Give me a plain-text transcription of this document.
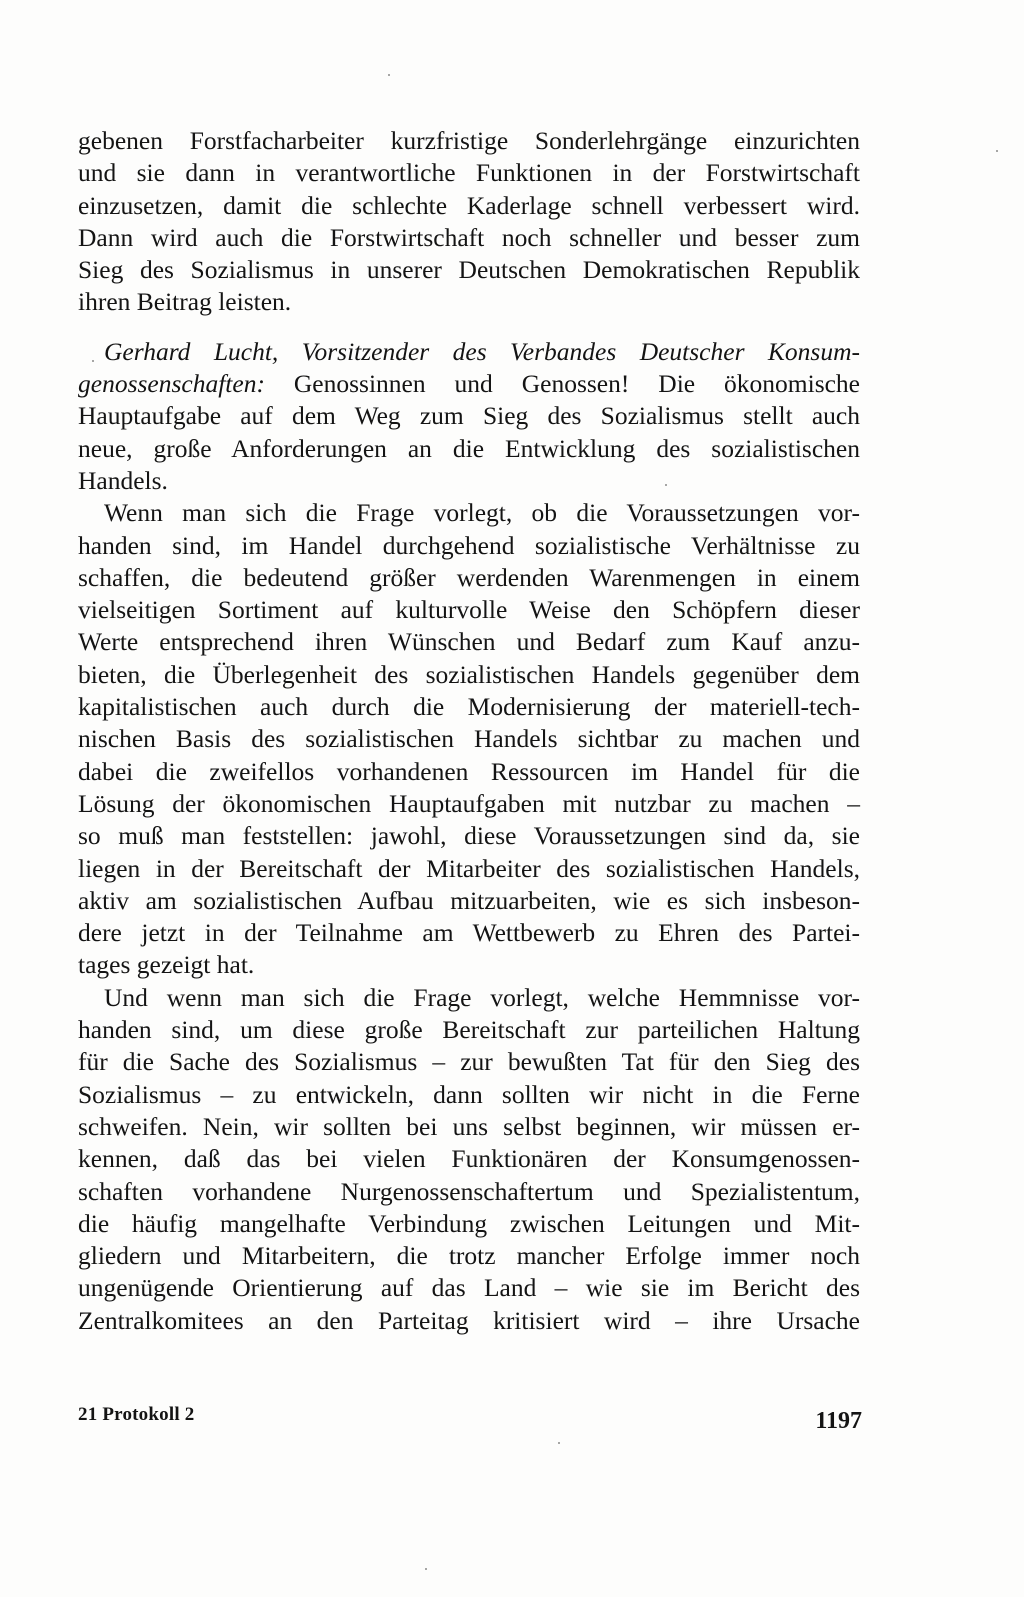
gebenen Forstfacharbeiter kurzfristige Sonderlehrgänge einzurichten
und sie dann in verantwortliche Funktionen in der Forstwirtschaft
einzusetzen, damit die schlechte Kaderlage schnell verbessert wird.
Dann wird auch die Forstwirtschaft noch schneller und besser zum
Sieg des Sozialismus in unserer Deutschen Demokratischen Republik
ihren Beitrag leisten.
Gerhard Lucht, Vorsitzender des Verbandes Deutscher Konsum-
genossenschaften: Genossinnen und Genossen! Die ökonomische
Hauptaufgabe auf dem Weg zum Sieg des Sozialismus stellt auch
neue, große Anforderungen an die Entwicklung des sozialistischen
Handels.
Wenn man sich die Frage vorlegt, ob die Voraussetzungen vor-
handen sind, im Handel durchgehend sozialistische Verhältnisse zu
schaffen, die bedeutend größer werdenden Warenmengen in einem
vielseitigen Sortiment auf kulturvolle Weise den Schöpfern dieser
Werte entsprechend ihren Wünschen und Bedarf zum Kauf anzu-
bieten, die Überlegenheit des sozialistischen Handels gegenüber dem
kapitalistischen auch durch die Modernisierung der materiell-tech-
nischen Basis des sozialistischen Handels sichtbar zu machen und
dabei die zweifellos vorhandenen Ressourcen im Handel für die
Lösung der ökonomischen Hauptaufgaben mit nutzbar zu machen –
so muß man feststellen: jawohl, diese Voraussetzungen sind da, sie
liegen in der Bereitschaft der Mitarbeiter des sozialistischen Handels,
aktiv am sozialistischen Aufbau mitzuarbeiten, wie es sich insbeson-
dere jetzt in der Teilnahme am Wettbewerb zu Ehren des Partei-
tages gezeigt hat.
Und wenn man sich die Frage vorlegt, welche Hemmnisse vor-
handen sind, um diese große Bereitschaft zur parteilichen Haltung
für die Sache des Sozialismus – zur bewußten Tat für den Sieg des
Sozialismus – zu entwickeln, dann sollten wir nicht in die Ferne
schweifen. Nein, wir sollten bei uns selbst beginnen, wir müssen er-
kennen, daß das bei vielen Funktionären der Konsumgenossen-
schaften vorhandene Nurgenossenschaftertum und Spezialistentum,
die häufig mangelhafte Verbindung zwischen Leitungen und Mit-
gliedern und Mitarbeitern, die trotz mancher Erfolge immer noch
ungenügende Orientierung auf das Land – wie sie im Bericht des
Zentralkomitees an den Parteitag kritisiert wird – ihre Ursache
21 Protokoll 2	1197
